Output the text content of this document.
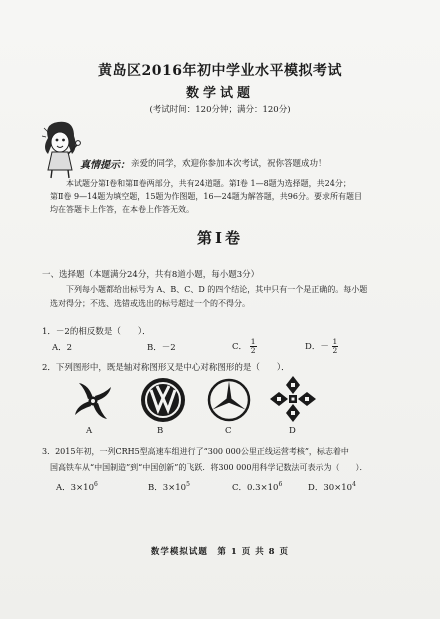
黄岛区2016年初中学业水平模拟考试
数学试题
(考试时间：120分钟；满分：120分)
真情提示： 亲爱的同学，欢迎你参加本次考试，祝你答题成功！
本试题分第Ⅰ卷和第Ⅱ卷两部分，共有24道题。第Ⅰ卷 1—8题为选择题，共24分；
第Ⅱ卷 9—14题为填空题，15题为作图题，16—24题为解答题，共96分。要求所有题目
均在答题卡上作答，在本卷上作答无效。
第Ⅰ卷
一、选择题（本题满分24分，共有8道小题，每小题3分）
下列每小题都给出标号为 A、B、C、D 的四个结论，其中只有一个是正确的。每小题
选对得分；不选、选错或选出的标号超过一个的不得分。
1．－2的相反数是（　　）．
A．2	B．－2	C． $\frac{1}{2}$	D．－ $\frac{1}{2}$
2．下列图形中，既是轴对称图形又是中心对称图形的是（　　）．
A	B	C	D
3．2015年初，一列CRH5型高速车组进行了“300 000公里正线运营考核”，标志着中
国高铁车从“中国制造”到“中国创新”的飞跃．将300 000用科学记数法可表示为（　　）．
A．$3\times 10^6$	B．$3\times 10^5$	C．$0.3\times 10^6$	D．$30\times 10^4$
数学模拟试题　第 1 页 共 8 页
